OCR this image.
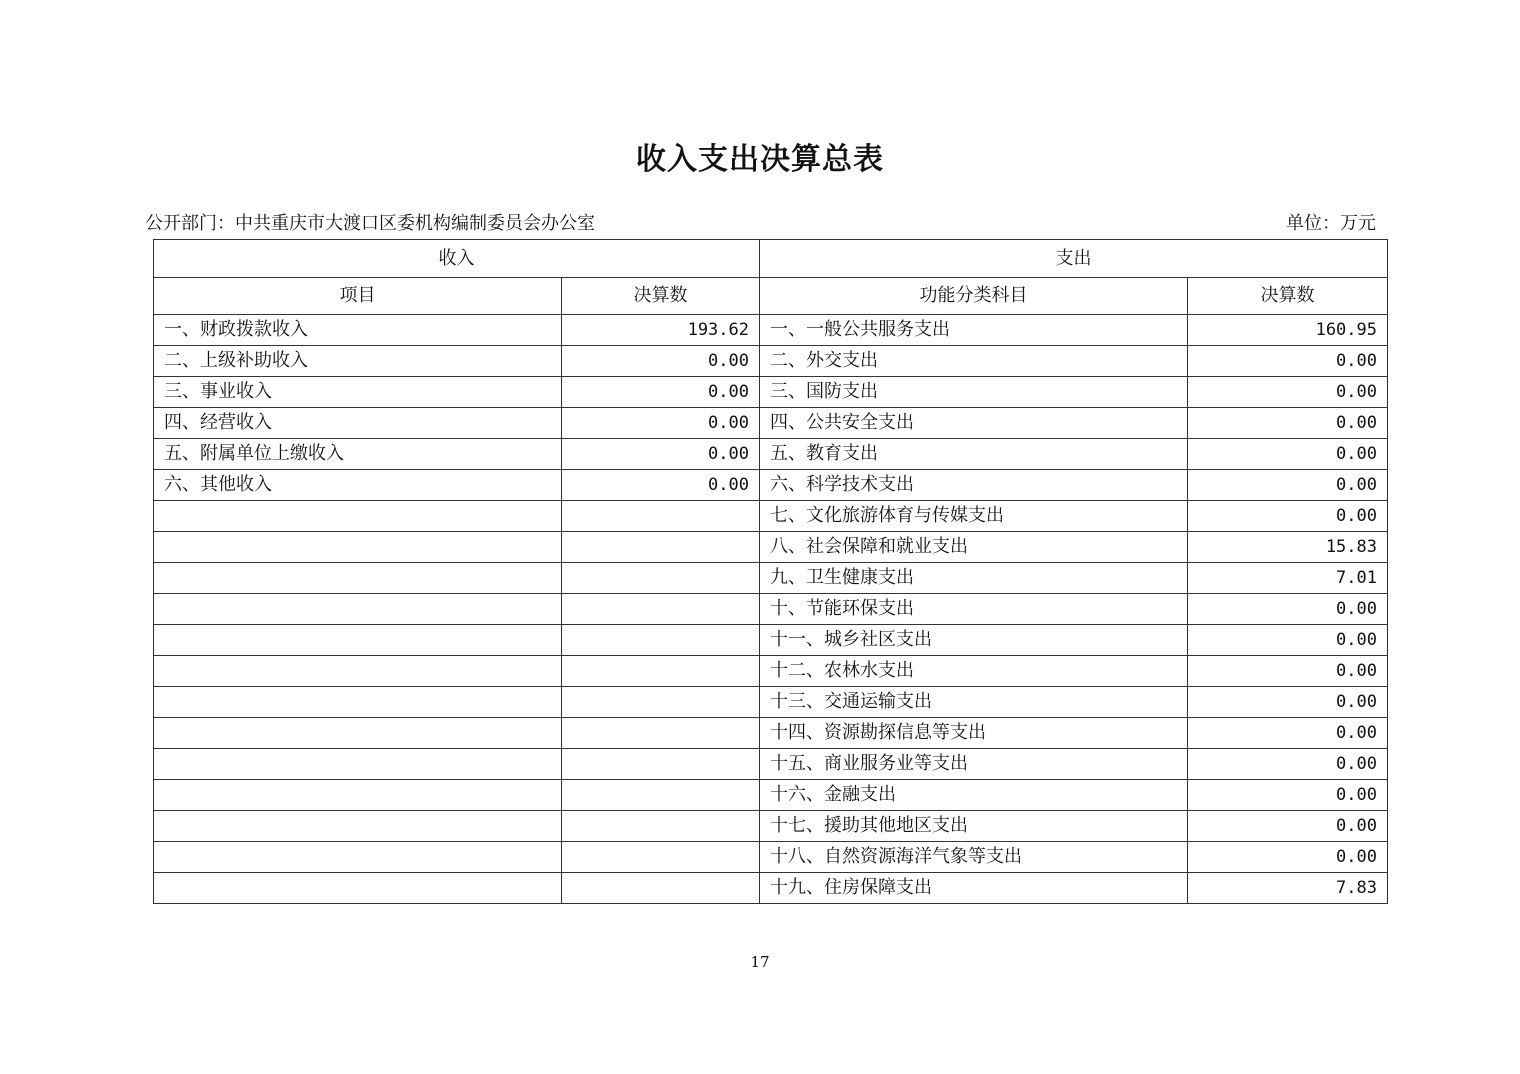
收入支出决算总表
公开部门：中共重庆市大渡口区委机构编制委员会办公室	单位：万元
收入		支出	
项目	决算数	功能分类科目	决算数
一、财政拨款收入	193.62	一、一般公共服务支出	160.95
二、上级补助收入	0.00	二、外交支出	0.00
三、事业收入	0.00	三、国防支出	0.00
四、经营收入	0.00	四、公共安全支出	0.00
五、附属单位上缴收入	0.00	五、教育支出	0.00
六、其他收入	0.00	六、科学技术支出	0.00
		七、文化旅游体育与传媒支出	0.00
		八、社会保障和就业支出	15.83
		九、卫生健康支出	7.01
		十、节能环保支出	0.00
		十一、城乡社区支出	0.00
		十二、农林水支出	0.00
		十三、交通运输支出	0.00
		十四、资源勘探信息等支出	0.00
		十五、商业服务业等支出	0.00
		十六、金融支出	0.00
		十七、援助其他地区支出	0.00
		十八、自然资源海洋气象等支出	0.00
		十九、住房保障支出	7.83
17
